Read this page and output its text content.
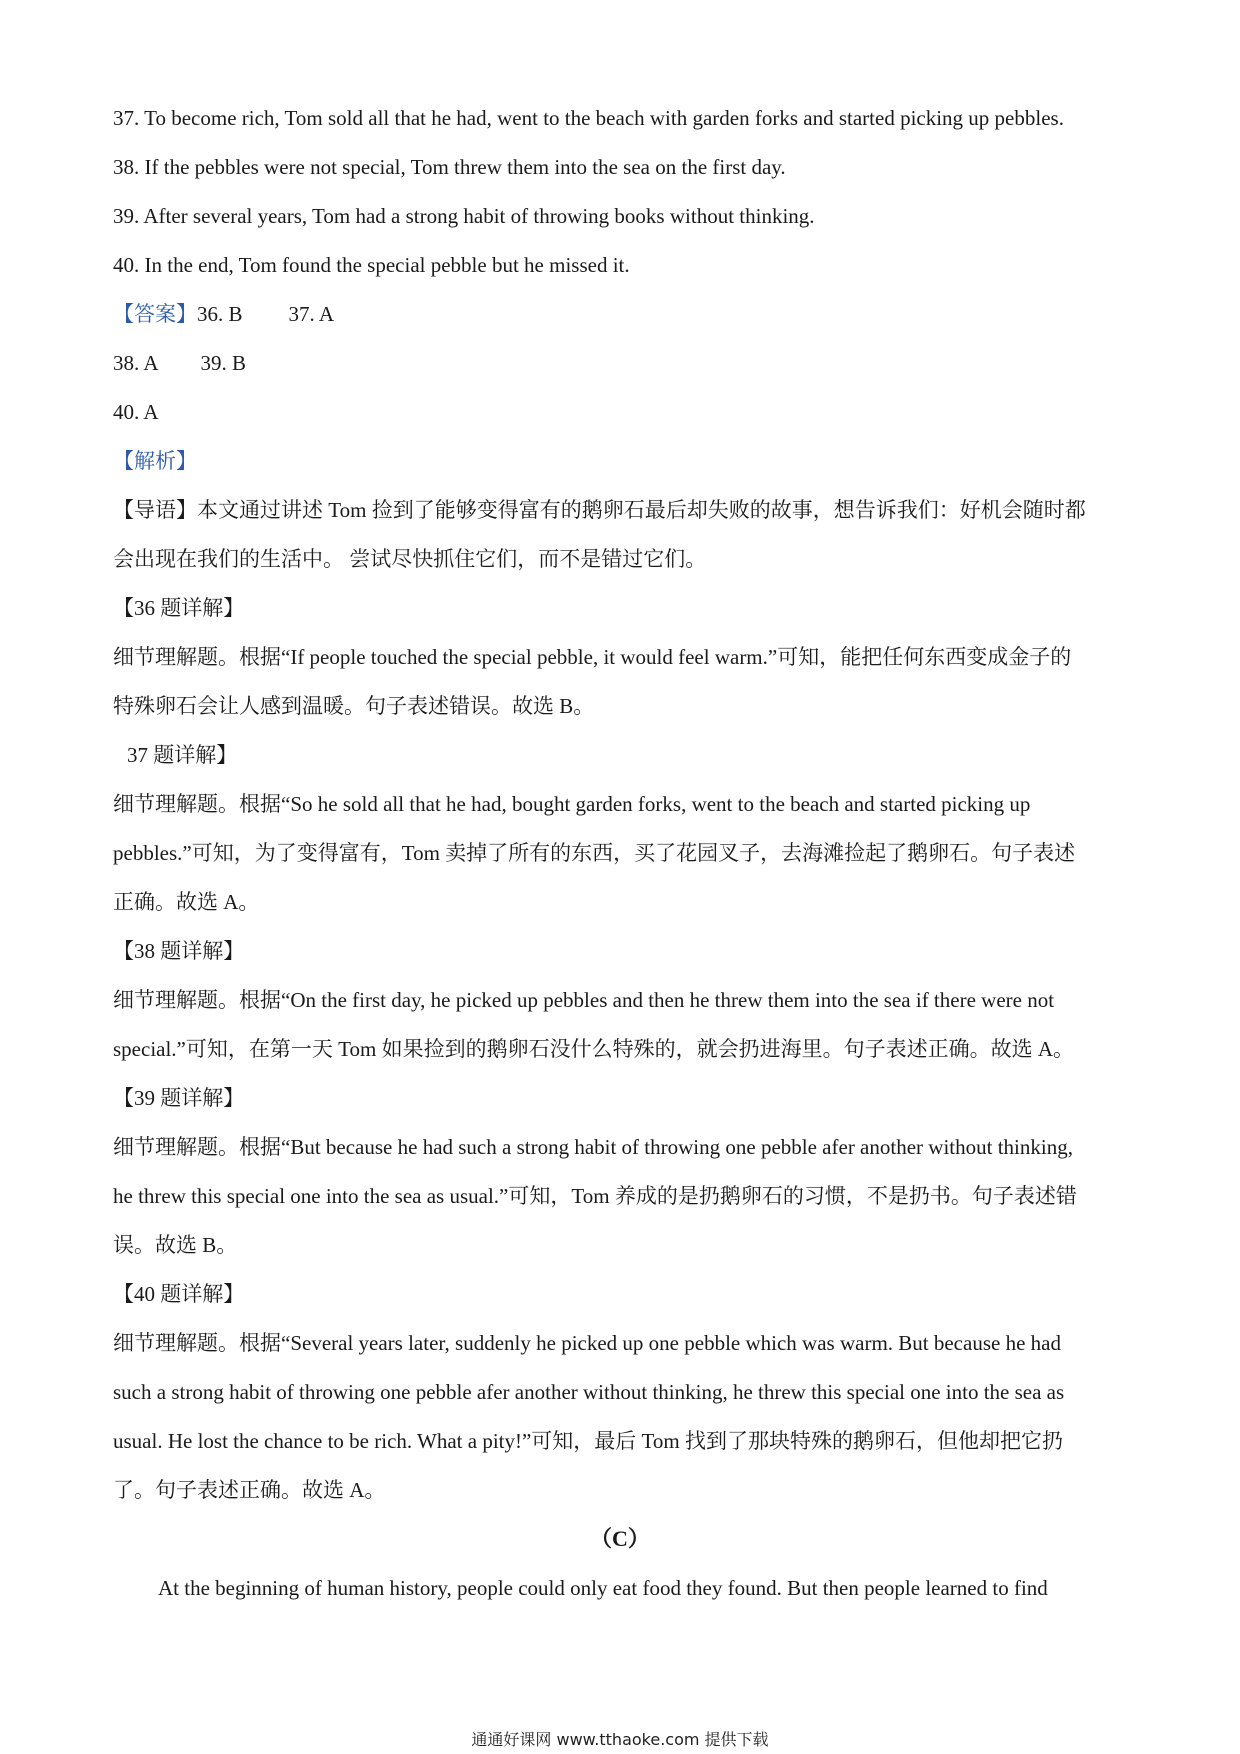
37. To become rich, Tom sold all that he had, went to the beach with garden forks and started picking up pebbles.
38. If the pebbles were not special, Tom threw them into the sea on the first day.
39. After several years, Tom had a strong habit of throwing books without thinking.
40. In the end, Tom found the special pebble but he missed it.
【答案】36. B 37. A
38. A 39. B
40. A
【解析】
【导语】本文通过讲述 Tom 捡到了能够变得富有的鹅卵石最后却失败的故事，想告诉我们：好机会随时都
会出现在我们的生活中。 尝试尽快抓住它们，而不是错过它们。
【36 题详解】
细节理解题。根据“If people touched the special pebble, it would feel warm.”可知，能把任何东西变成金子的
特殊卵石会让人感到温暖。句子表述错误。故选 B。
37 题详解】
细节理解题。根据“So he sold all that he had, bought garden forks, went to the beach and started picking up
pebbles.”可知，为了变得富有，Tom 卖掉了所有的东西，买了花园叉子，去海滩捡起了鹅卵石。句子表述
正确。故选 A。
【38 题详解】
细节理解题。根据“On the first day, he picked up pebbles and then he threw them into the sea if there were not
special.”可知，在第一天 Tom 如果捡到的鹅卵石没什么特殊的，就会扔进海里。句子表述正确。故选 A。
【39 题详解】
细节理解题。根据“But because he had such a strong habit of throwing one pebble afer another without thinking,
he threw this special one into the sea as usual.”可知，Tom 养成的是扔鹅卵石的习惯，不是扔书。句子表述错
误。故选 B。
【40 题详解】
细节理解题。根据“Several years later, suddenly he picked up one pebble which was warm. But because he had
such a strong habit of throwing one pebble afer another without thinking, he threw this special one into the sea as
usual. He lost the chance to be rich. What a pity!”可知，最后 Tom 找到了那块特殊的鹅卵石，但他却把它扔
了。句子表述正确。故选 A。
（C）
At the beginning of human history, people could only eat food they found. But then people learned to find
通通好课网 www.tthaoke.com 提供下载
